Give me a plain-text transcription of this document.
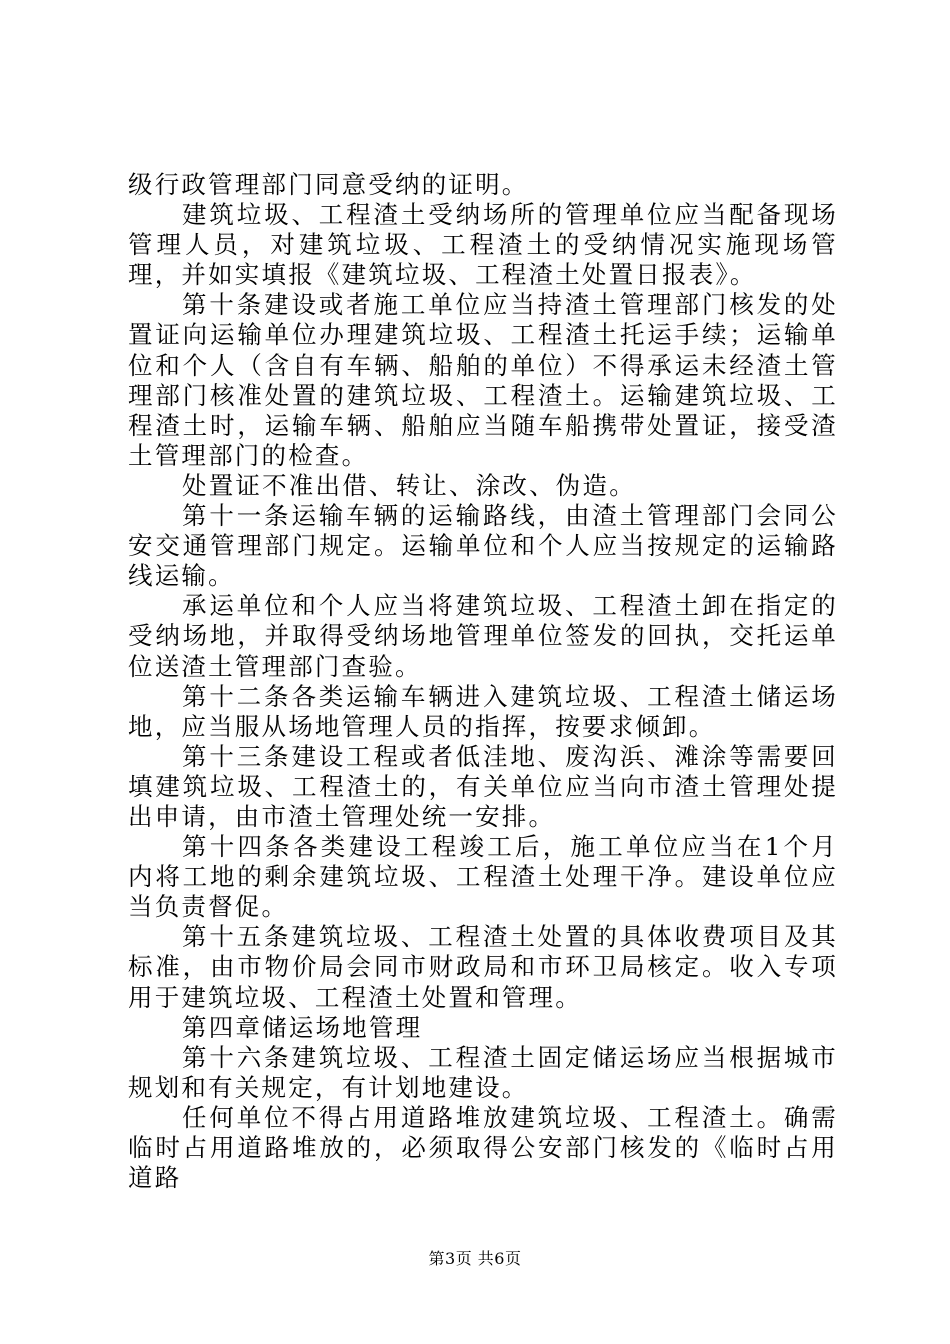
级行政管理部门同意受纳的证明。

建筑垃圾、工程渣土受纳场所的管理单位应当配备现场管理人员，对建筑垃圾、工程渣土的受纳情况实施现场管理，并如实填报《建筑垃圾、工程渣土处置日报表》。

第十条建设或者施工单位应当持渣土管理部门核发的处置证向运输单位办理建筑垃圾、工程渣土托运手续；运输单位和个人（含自有车辆、船舶的单位）不得承运未经渣土管理部门核准处置的建筑垃圾、工程渣土。运输建筑垃圾、工程渣土时，运输车辆、船舶应当随车船携带处置证，接受渣土管理部门的检查。

处置证不准出借、转让、涂改、伪造。

第十一条运输车辆的运输路线，由渣土管理部门会同公安交通管理部门规定。运输单位和个人应当按规定的运输路线运输。

承运单位和个人应当将建筑垃圾、工程渣土卸在指定的受纳场地，并取得受纳场地管理单位签发的回执，交托运单位送渣土管理部门查验。

第十二条各类运输车辆进入建筑垃圾、工程渣土储运场地，应当服从场地管理人员的指挥，按要求倾卸。

第十三条建设工程或者低洼地、废沟浜、滩涂等需要回填建筑垃圾、工程渣土的，有关单位应当向市渣土管理处提出申请，由市渣土管理处统一安排。

第十四条各类建设工程竣工后，施工单位应当在1个月内将工地的剩余建筑垃圾、工程渣土处理干净。建设单位应当负责督促。

第十五条建筑垃圾、工程渣土处置的具体收费项目及其标准，由市物价局会同市财政局和市环卫局核定。收入专项用于建筑垃圾、工程渣土处置和管理。

第四章储运场地管理

第十六条建筑垃圾、工程渣土固定储运场应当根据城市规划和有关规定，有计划地建设。

任何单位不得占用道路堆放建筑垃圾、工程渣土。确需临时占用道路堆放的，必须取得公安部门核发的《临时占用道路

第3页 共6页
